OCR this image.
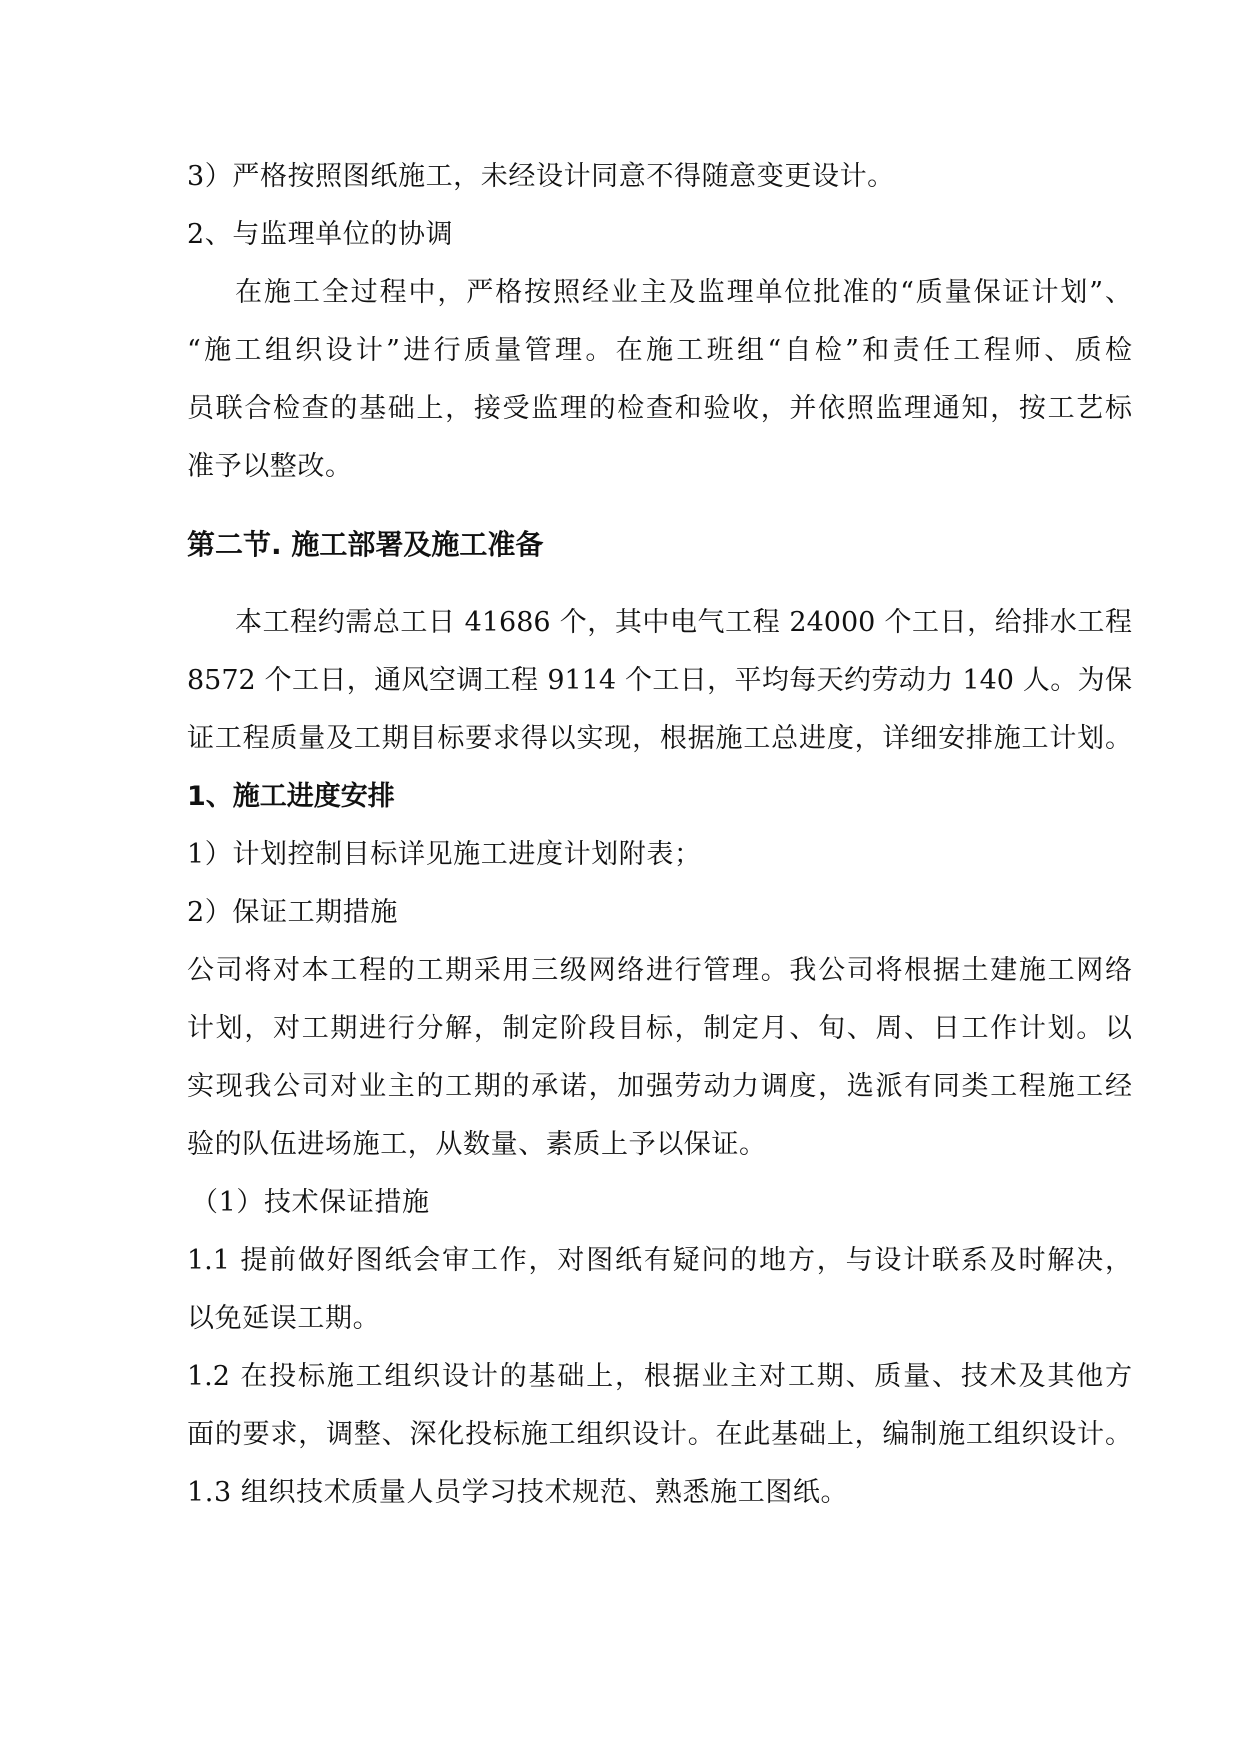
3）严格按照图纸施工，未经设计同意不得随意变更设计。
2、与监理单位的协调
在施工全过程中，严格按照经业主及监理单位批准的“质量保证计划”、
“施工组织设计”进行质量管理。在施工班组“自检”和责任工程师、质检
员联合检查的基础上，接受监理的检查和验收，并依照监理通知，按工艺标
准予以整改。
第二节. 施工部署及施工准备
本工程约需总工日 41686 个，其中电气工程 24000 个工日，给排水工程
8572 个工日，通风空调工程 9114 个工日，平均每天约劳动力 140 人。为保
证工程质量及工期目标要求得以实现，根据施工总进度，详细安排施工计划。
1、施工进度安排
1）计划控制目标详见施工进度计划附表；
2）保证工期措施
公司将对本工程的工期采用三级网络进行管理。我公司将根据土建施工网络
计划，对工期进行分解，制定阶段目标，制定月、旬、周、日工作计划。以
实现我公司对业主的工期的承诺，加强劳动力调度，选派有同类工程施工经
验的队伍进场施工，从数量、素质上予以保证。
（1）技术保证措施
1.1 提前做好图纸会审工作，对图纸有疑问的地方，与设计联系及时解决，
以免延误工期。
1.2 在投标施工组织设计的基础上，根据业主对工期、质量、技术及其他方
面的要求，调整、深化投标施工组织设计。在此基础上，编制施工组织设计。
1.3 组织技术质量人员学习技术规范、熟悉施工图纸。
